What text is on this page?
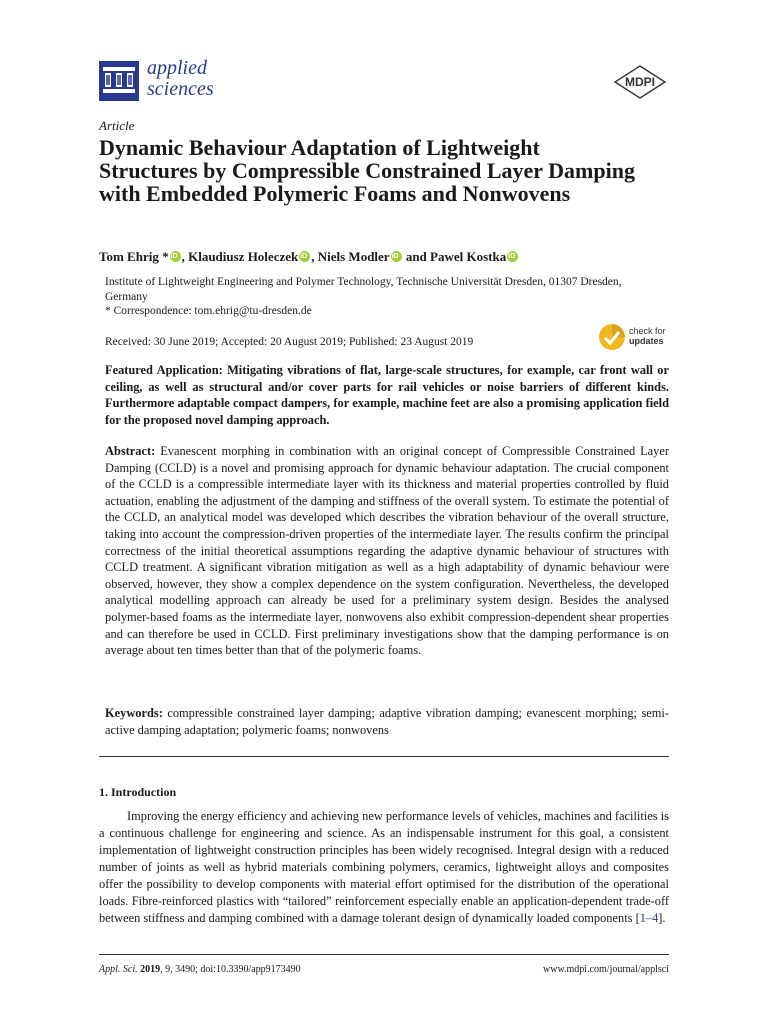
applied
sciences	MDPI
Article
Dynamic Behaviour Adaptation of Lightweight Structures by Compressible Constrained Layer Damping with Embedded Polymeric Foams and Nonwovens
Tom Ehrig * iD , Klaudiusz Holeczek iD , Niels ModleriD and Pawel KostkaiD
Institute of Lightweight Engineering and Polymer Technology, Technische Universität Dresden, 01307 Dresden, Germany
* Correspondence: tom.ehrig@tu-dresden.de
Received: 30 June 2019; Accepted: 20 August 2019; Published: 23 August 2019
check for
updates

Featured Application: Mitigating vibrations of flat, large-scale structures, for example, car front wall or ceiling, as well as structural and/or cover parts for rail vehicles or noise barriers of different kinds. Furthermore adaptable compact dampers, for example, machine feet are also a promising application field for the proposed novel damping approach.

Abstract: Evanescent morphing in combination with an original concept of Compressible Constrained Layer Damping (CCLD) is a novel and promising approach for dynamic behaviour adaptation. The crucial component of the CCLD is a compressible intermediate layer with its thickness and material properties controlled by fluid actuation, enabling the adjustment of the damping and stiffness of the overall system. To estimate the potential of the CCLD, an analytical model was developed which describes the vibration behaviour of the overall structure, taking into account the compression-driven properties of the intermediate layer. The results confirm the principal correctness of the initial theoretical assumptions regarding the adaptive dynamic behaviour of structures with CCLD treatment. A significant vibration mitigation as well as a high adaptability of dynamic behaviour were observed, however, they show a complex dependence on the system configuration. Nevertheless, the developed analytical modelling approach can already be used for a preliminary system design. Besides the analysed polymer-based foams as the intermediate layer, nonwovens also exhibit compression-dependent shear properties and can therefore be used in CCLD. First preliminary investigations show that the damping performance is on average about ten times better than that of the polymeric foams.

Keywords: compressible constrained layer damping; adaptive vibration damping; evanescent morphing; semi-active damping adaptation; polymeric foams; nonwovens

1. Introduction

Improving the energy efficiency and achieving new performance levels of vehicles, machines and facilities is a continuous challenge for engineering and science. As an indispensable instrument for this goal, a consistent implementation of lightweight construction principles has been widely recognised. Integral design with a reduced number of joints as well as hybrid materials combining polymers, ceramics, lightweight alloys and composites offer the possibility to develop components with material effort optimised for the distribution of the operational loads. Fibre-reinforced plastics with “tailored” reinforcement especially enable an application-dependent trade-off between stiffness and damping combined with a damage tolerant design of dynamically loaded components [1–4].

Appl. Sci. 2019, 9, 3490; doi:10.3390/app9173490	www.mdpi.com/journal/applsci
